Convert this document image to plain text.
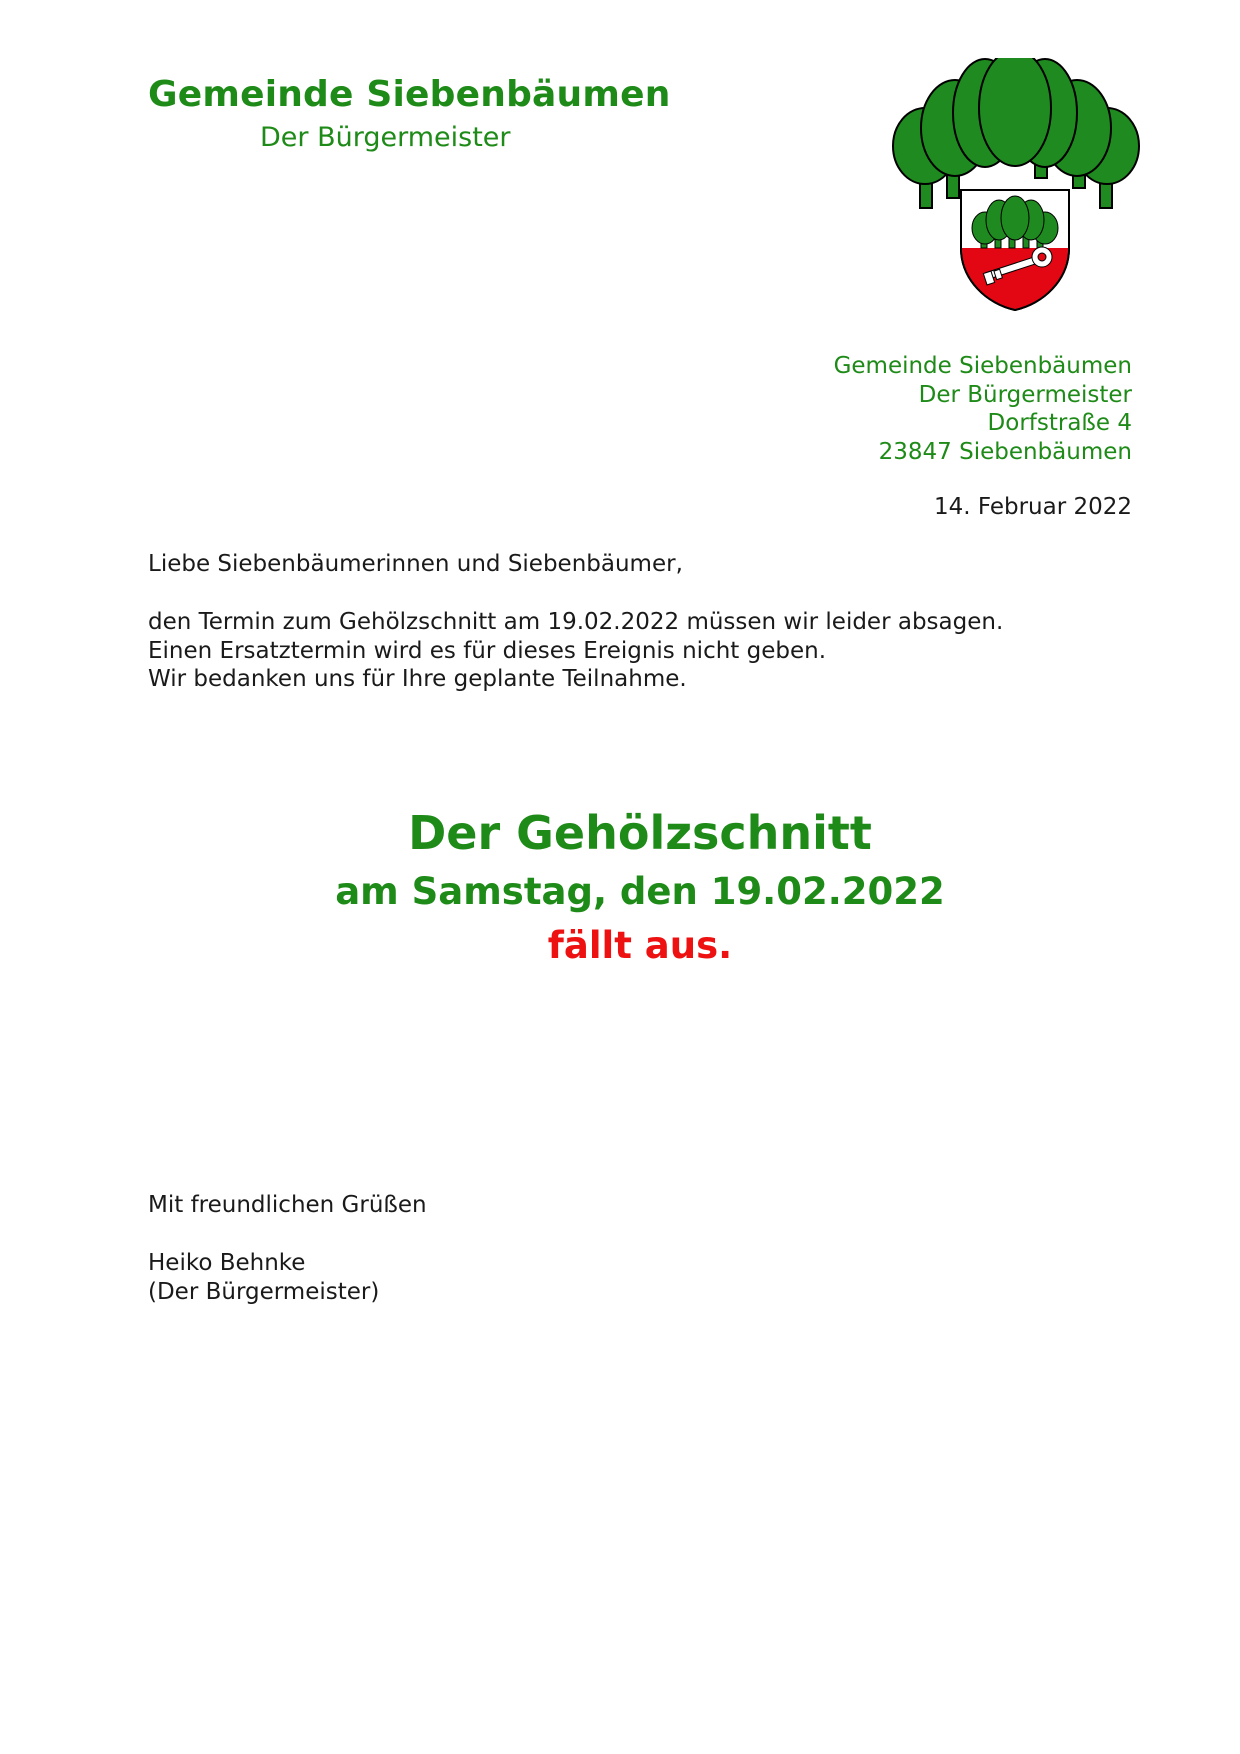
Gemeinde Siebenbäumen
Der Bürgermeister
Gemeinde Siebenbäumen
Der Bürgermeister
Dorfstraße 4
23847 Siebenbäumen
14. Februar 2022
Liebe Siebenbäumerinnen und Siebenbäumer,
den Termin zum Gehölzschnitt am 19.02.2022 müssen wir leider absagen.
Einen Ersatztermin wird es für dieses Ereignis nicht geben.
Wir bedanken uns für Ihre geplante Teilnahme.
Der Gehölzschnitt
am Samstag, den 19.02.2022
fällt aus.
Mit freundlichen Grüßen
Heiko Behnke
(Der Bürgermeister)
